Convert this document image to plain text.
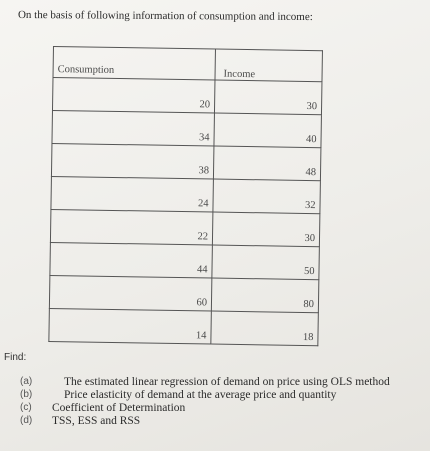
On the basis of following information of consumption and income:
Consumption	Income
20	30
34	40
38	48
24	32
22	30
44	50
60	80
14	18
Find:
(a)	The estimated linear regression of demand on price using OLS method
(b)	Price elasticity of demand at the average price and quantity
(c) Coefficient of Determination
(d) TSS, ESS and RSS
